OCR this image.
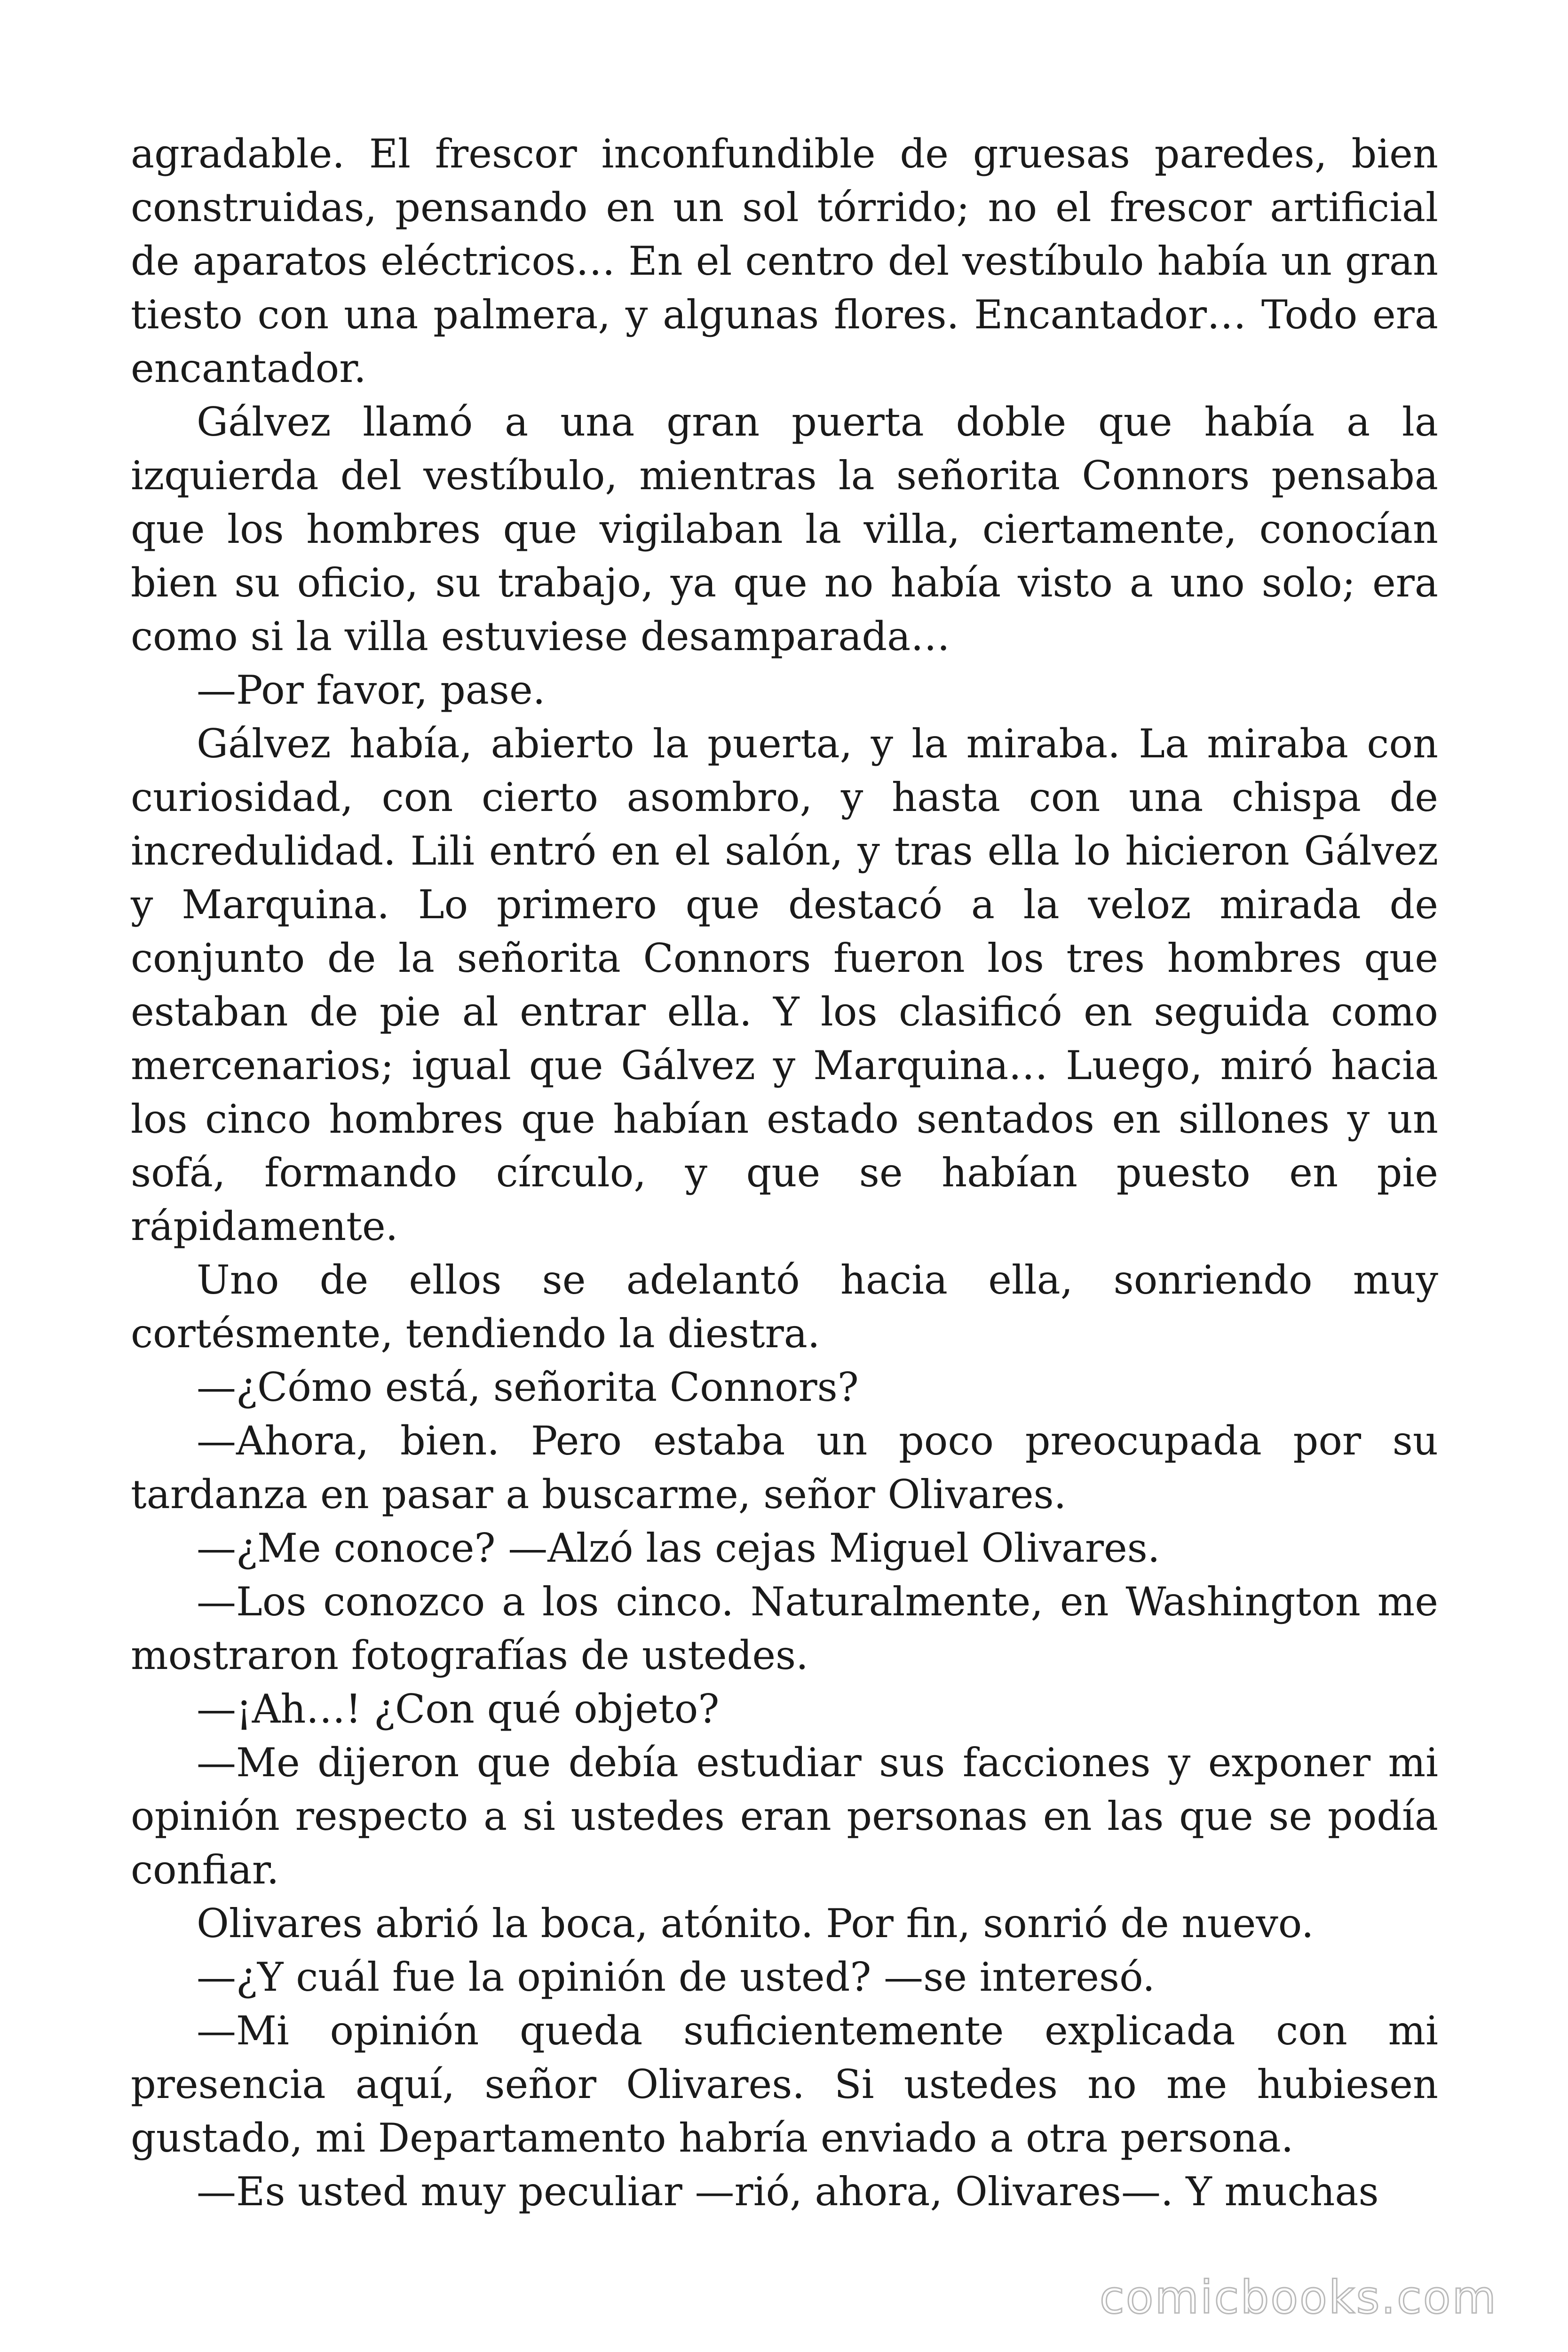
agradable. El frescor inconfundible de gruesas paredes, bien construidas, pensando en un sol tórrido; no el frescor artificial de aparatos eléctricos… En el centro del vestíbulo había un gran tiesto con una palmera, y algunas flores. Encantador… Todo era encantador.

Gálvez llamó a una gran puerta doble que había a la izquierda del vestíbulo, mientras la señorita Connors pensaba que los hombres que vigilaban la villa, ciertamente, conocían bien su oficio, su trabajo, ya que no había visto a uno solo; era como si la villa estuviese desamparada…

—Por favor, pase.

Gálvez había, abierto la puerta, y la miraba. La miraba con curiosidad, con cierto asombro, y hasta con una chispa de incredulidad. Lili entró en el salón, y tras ella lo hicieron Gálvez y Marquina. Lo primero que destacó a la veloz mirada de conjunto de la señorita Connors fueron los tres hombres que estaban de pie al entrar ella. Y los clasificó en seguida como mercenarios; igual que Gálvez y Marquina… Luego, miró hacia los cinco hombres que habían estado sentados en sillones y un sofá, formando círculo, y que se habían puesto en pie rápidamente.

Uno de ellos se adelantó hacia ella, sonriendo muy cortésmente, tendiendo la diestra.

—¿Cómo está, señorita Connors?

—Ahora, bien. Pero estaba un poco preocupada por su tardanza en pasar a buscarme, señor Olivares.

—¿Me conoce? —Alzó las cejas Miguel Olivares.

—Los conozco a los cinco. Naturalmente, en Washington me mostraron fotografías de ustedes.

—¡Ah…! ¿Con qué objeto?

—Me dijeron que debía estudiar sus facciones y exponer mi opinión respecto a si ustedes eran personas en las que se podía confiar.

Olivares abrió la boca, atónito. Por fin, sonrió de nuevo.

—¿Y cuál fue la opinión de usted? —se interesó.

—Mi opinión queda suficientemente explicada con mi presencia aquí, señor Olivares. Si ustedes no me hubiesen gustado, mi Departamento habría enviado a otra persona.

—Es usted muy peculiar —rió, ahora, Olivares—. Y muchas

comicbooks.com
